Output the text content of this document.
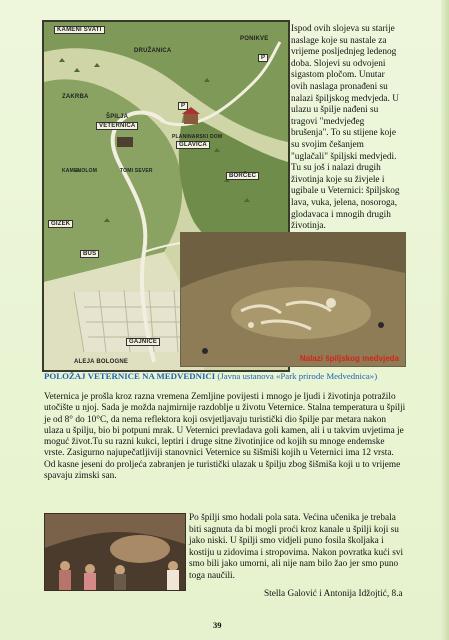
KAMENI SVATI
PONIKVE
P
DRUŽANICA
ZAKRBA
ŠPILJA
VETERNICA
PLANINARSKI DOM
GLAVICA
P
KAMENOLOM	TOMI SEVER
GIZEK
BUS
BORČEC
GAJNICE
ALEJA BOLOGNE
Ispod ovih slojeva su starije naslage koje su nastale za vrijeme posljednjeg ledenog doba. Slojevi su odvojeni sigastom pločom. Unutar ovih naslaga pronađeni su nalazi špiljskog medvjeda. U ulazu u špilje nađeni su tragovi "medvjeđeg brušenja". To su stijene koje su svojim češanjem "uglačali" špiljski medvjedi. Tu su još i nalazi drugih životinja koje su živjele i ugibale u Veternici: špiljskog lava, vuka, jelena, nosoroga, glodavaca i mnogih drugih životinja.
Nalazi špiljskog medvjeda
POLOŽAJ VETERNICE NA MEDVEDNICI (Javna ustanova «Park prirode Medvednica»)
Veternica je prošla kroz razna vremena Zemljine povijesti i mnogo je ljudi i životinja potražilo utočište u njoj. Sada je možda najmirnije razdoblje u životu Veternice. Stalna temperatura u špilji je od 8° do 10°C, da nema reflektora koji osvjetljavaju turistički dio špilje par metara nakon ulaza u špilju, bio bi potpuni mrak. U Veternici prevladava goli kamen, ali i u takvim uvjetima je moguć život.Tu su razni kukci, leptiri i druge sitne životinjice od kojih su mnoge endemske vrste. Zasigurno najupečatljiviji stanovnici Veternice su šišmiši kojih u Veternici ima 12 vrsta. Od kasne jeseni do proljeća zabranjen je turistički ulazak u špilju zbog šišmiša koji u to vrijeme spavaju zimski san.
Po špilji smo hodali pola sata. Većina učenika je trebala biti sagnuta da bi mogli proći kroz kanale u špilji koji su jako niski. U špilji smo vidjeli puno fosila školjaka i kostiju u zidovima i stropovima. Nakon povratka kući svi smo bili jako umorni, ali nije nam bilo žao jer smo puno toga naučili.
Stella Galović i Antonija Idžojtić, 8.a
39
